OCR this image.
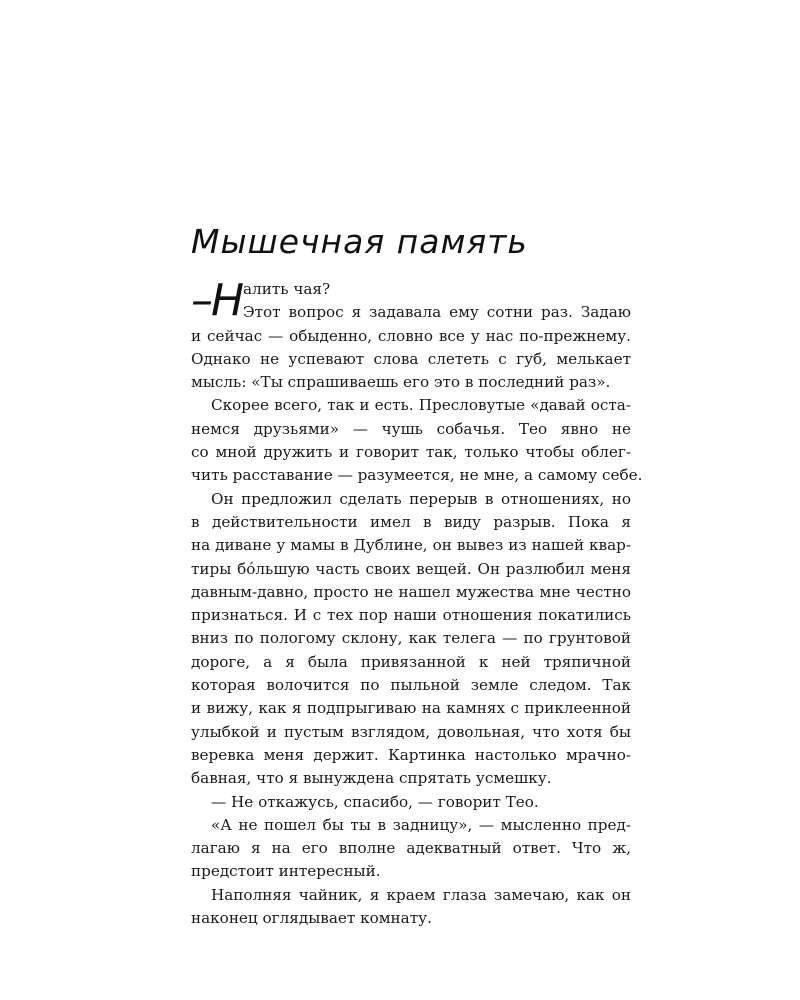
Мышечная память
–Н алить чая?
Этот вопрос я задавала ему сотни раз. Задаю
и сейчас — обыденно, словно все у нас по-прежнему.
Однако не успевают слова слететь с губ, мелькает
мысль: «Ты спрашиваешь его это в последний раз».
Скорее всего, так и есть. Пресловутые «давай оста-
немся друзьями» — чушь собачья. Тео явно не
со мной дружить и говорит так, только чтобы облег-
чить расставание — разумеется, не мне, а самому себе.
Он предложил сделать перерыв в отношениях, но
в действительности имел в виду разрыв. Пока я
на диване у мамы в Дублине, он вывез из нашей квар-
тиры бóльшую часть своих вещей. Он разлюбил меня
давным-давно, просто не нашел мужества мне честно
признаться. И с тех пор наши отношения покатились
вниз по пологому склону, как телега — по грунтовой
дороге, а я была привязанной к ней тряпичной
которая волочится по пыльной земле следом. Так
и вижу, как я подпрыгиваю на камнях с приклеенной
улыбкой и пустым взглядом, довольная, что хотя бы
веревка меня держит. Картинка настолько мрачно-
бавная, что я вынуждена спрятать усмешку.
— Не откажусь, спасибо, — говорит Тео.
«А не пошел бы ты в задницу», — мысленно пред-
лагаю я на его вполне адекватный ответ. Что ж,
предстоит интересный.
Наполняя чайник, я краем глаза замечаю, как он
наконец оглядывает комнату.
